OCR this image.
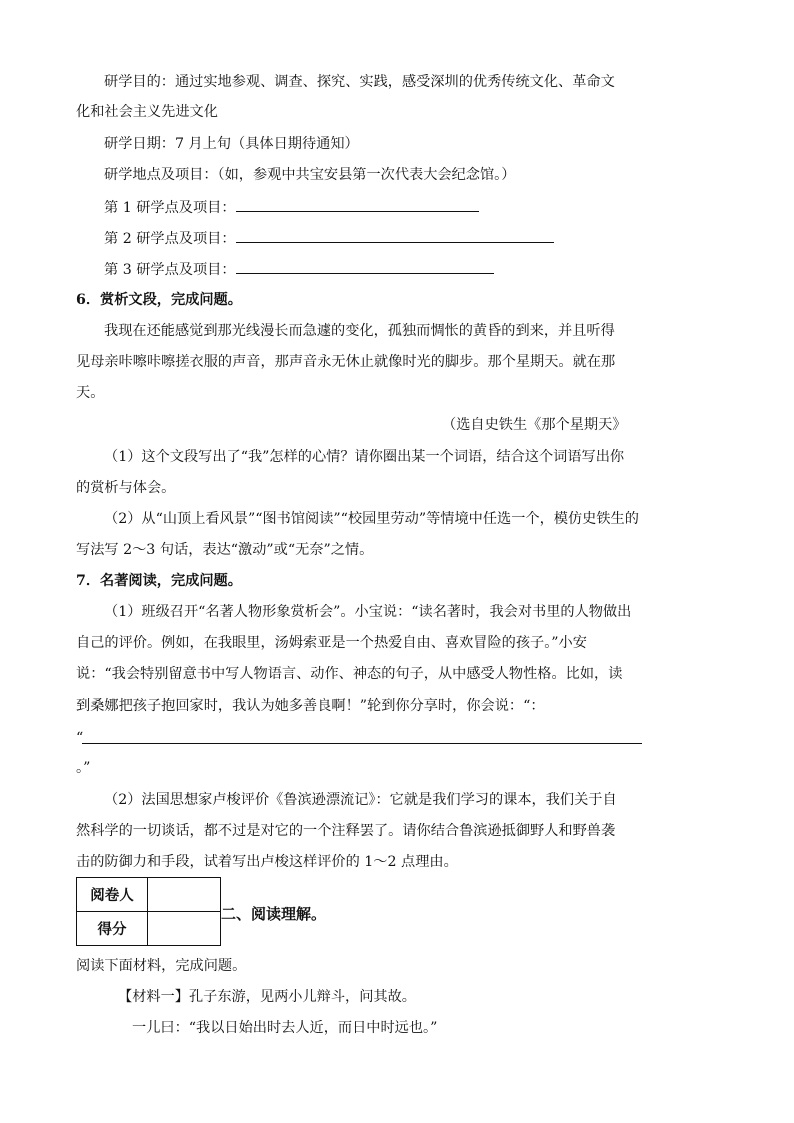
研学目的：通过实地参观、调查、探究、实践，感受深圳的优秀传统文化、革命文
化和社会主义先进文化
研学日期：7 月上旬（具体日期待通知）
研学地点及项目：（如，参观中共宝安县第一次代表大会纪念馆。）
第 1 研学点及项目：
第 2 研学点及项目：
第 3 研学点及项目：
6．赏析文段，完成问题。
我现在还能感觉到那光线漫长而急遽的变化，孤独而惆怅的黄昏的到来，并且听得
见母亲咔嚓咔嚓搓衣服的声音，那声音永无休止就像时光的脚步。那个星期天。就在那
天。
（选自史铁生《那个星期天》
（1）这个文段写出了“我”怎样的心情？请你圈出某一个词语，结合这个词语写出你
的赏析与体会。
（2）从“山顶上看风景”“图书馆阅读”“校园里劳动”等情境中任选一个，模仿史铁生的
写法写 2～3 句话，表达“激动”或“无奈”之情。
7．名著阅读，完成问题。
（1）班级召开“名著人物形象赏析会”。小宝说：“读名著时，我会对书里的人物做出
自己的评价。例如，在我眼里，汤姆索亚是一个热爱自由、喜欢冒险的孩子。”小安
说：“我会特别留意书中写人物语言、动作、神态的句子，从中感受人物性格。比如，读
到桑娜把孩子抱回家时，我认为她多善良啊！”轮到你分享时，你会说：“：
“
。”
（2）法国思想家卢梭评价《鲁滨逊漂流记》：它就是我们学习的课本，我们关于自
然科学的一切谈话，都不过是对它的一个注释罢了。请你结合鲁滨逊抵御野人和野兽袭
击的防御力和手段，试着写出卢梭这样评价的 1～2 点理由。
阅卷人	
得分	
二、阅读理解。
阅读下面材料，完成问题。
【材料一】孔子东游，见两小儿辩斗，问其故。
一儿曰：“我以日始出时去人近，而日中时远也。”
